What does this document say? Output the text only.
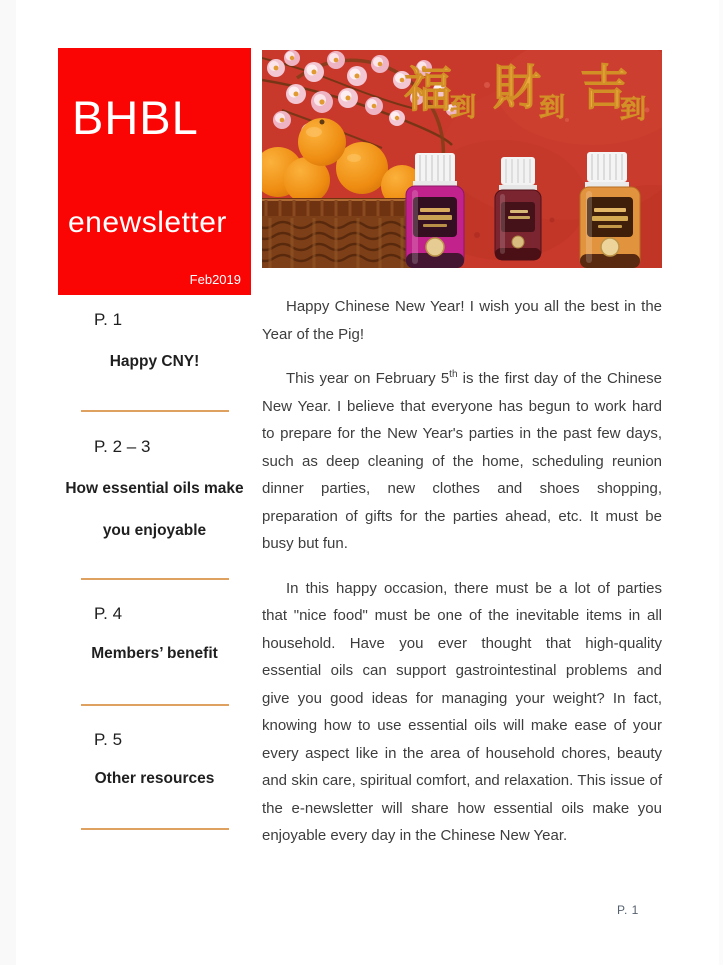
BHBL
enewsletter
Feb2019
P. 1
Happy CNY!
P. 2 – 3
How essential oils make
you enjoyable
P. 4
Members’ benefit
P. 5
Other resources
福
到 財
到 吉
到

Happy Chinese New Year! I wish you all the best in the Year of the Pig!

This year on February 5th is the first day of the Chinese New Year. I believe that everyone has begun to work hard to prepare for the New Year's parties in the past few days, such as deep cleaning of the home, scheduling reunion dinner parties, new clothes and shoes shopping, preparation of gifts for the parties ahead, etc. It must be busy but fun.

In this happy occasion, there must be a lot of parties that "nice food" must be one of the inevitable items in all household. Have you ever thought that high-quality essential oils can support gastrointestinal problems and give you good ideas for managing your weight? In fact, knowing how to use essential oils will make ease of your every aspect like in the area of household chores, beauty and skin care, spiritual comfort, and relaxation. This issue of the e-newsletter will share how essential oils make you enjoyable every day in the Chinese New Year.

P. 1
